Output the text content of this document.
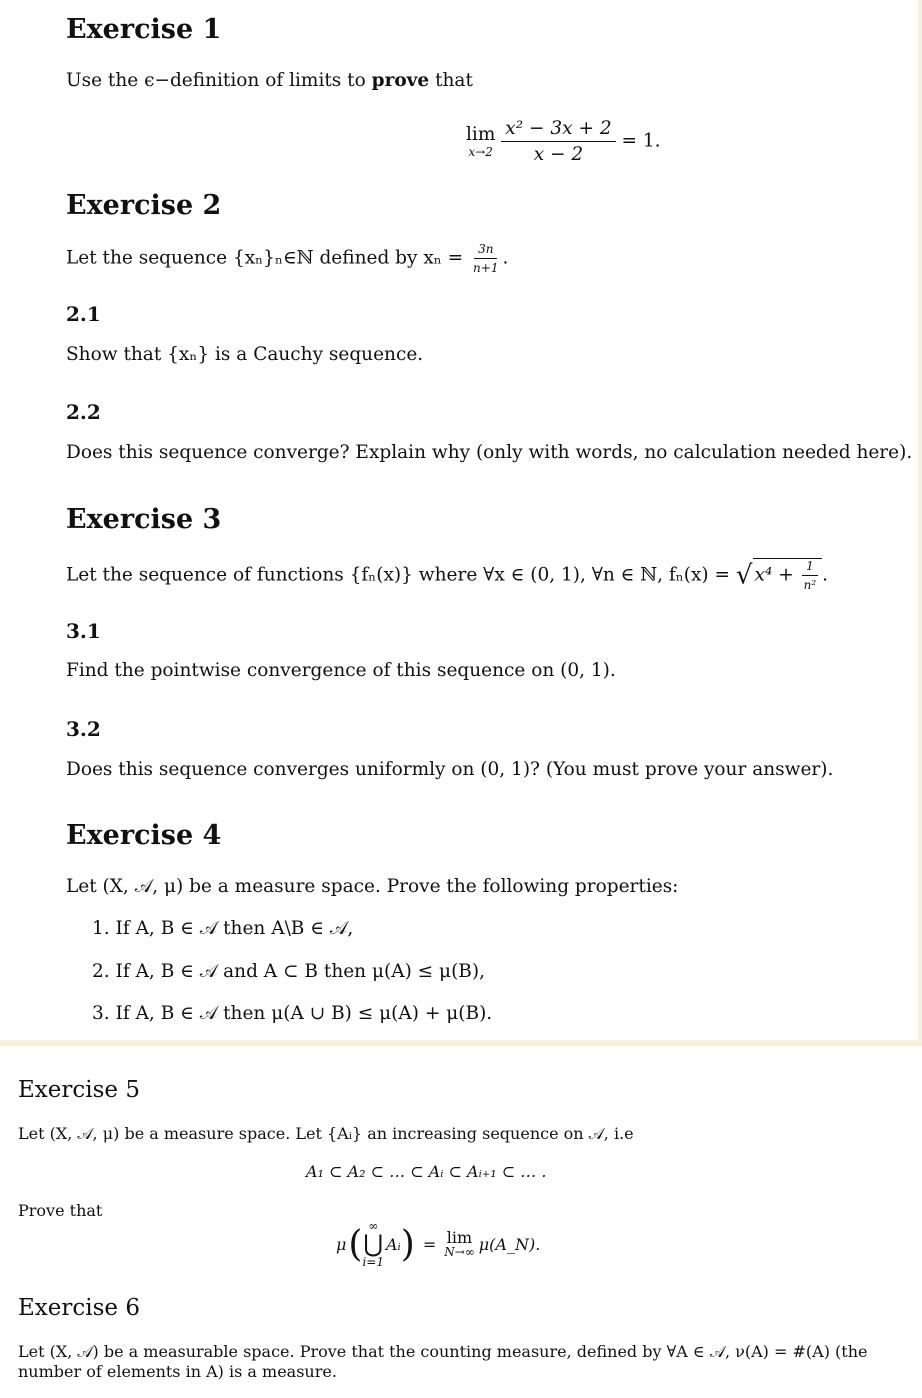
Exercise 1
Use the ϵ−definition of limits to prove that
lim
x→2
$\frac{\text{x² − 3x + 2}}{x - 2} = 1$.
Exercise 2
Let the sequence {xₙ}ₙ∈ℕ defined by $x_n = \frac{3n}{n+1}$ .
2.1
Show that {xₙ} is a Cauchy sequence.
2.2
Does this sequence converge? Explain why (only with words, no calculation needed here).
Exercise 3
Let the sequence of functions {fₙ(x)} where ∀x ∈ (0, 1), ∀n ∈ ℕ, fₙ(x) = √ $x^4 + \frac{1}{\text{n²}}$ .
3.1
Find the pointwise convergence of this sequence on (0, 1).
3.2
Does this sequence converges uniformly on (0, 1)? (You must prove your answer).
Exercise 4
Let (X, 𝒜, μ) be a measure space. Prove the following properties:
1. If A, B ∈ 𝒜 then A\B ∈ 𝒜,
2. If A, B ∈ 𝒜 and A ⊂ B then μ(A) ≤ μ(B),
3. If A, B ∈ 𝒜 then μ(A ∪ B) ≤ μ(A) + μ(B).
Exercise 5
Let (X, 𝒜, μ) be a measure space. Let {Aᵢ} an increasing sequence on 𝒜, i.e
A₁ ⊂ A₂ ⊂ … ⊂ Aᵢ ⊂ Aᵢ₊₁ ⊂ … .
Prove that
μ ( ∞
⋃
i=1
Aᵢ ) = lim
N→∞ μ(A_N).
Exercise 6
Let (X, 𝒜) be a measurable space. Prove that the counting measure, defined by ∀A ∈ 𝒜, ν(A) = #(A) (the
number of elements in A) is a measure.
